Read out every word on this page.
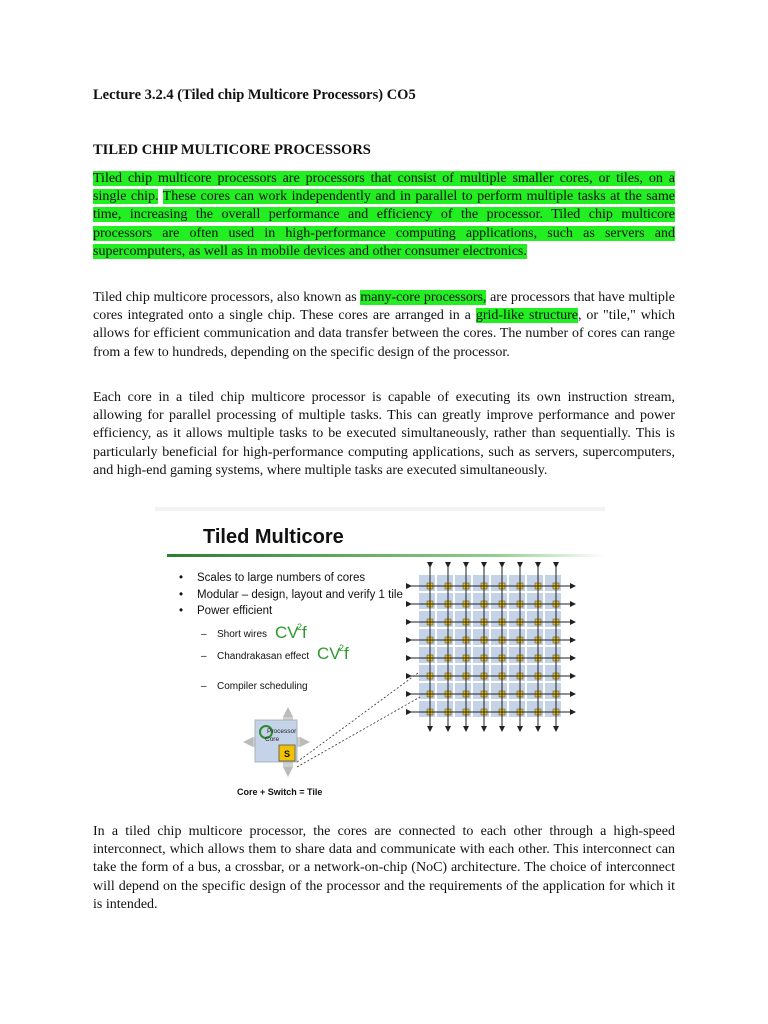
Lecture 3.2.4 (Tiled chip Multicore Processors) CO5
TILED CHIP MULTICORE PROCESSORS

Tiled chip multicore processors are processors that consist of multiple smaller cores, or tiles, on a single chip. These cores can work independently and in parallel to perform multiple tasks at the same time, increasing the overall performance and efficiency of the processor. Tiled chip multicore processors are often used in high-performance computing applications, such as servers and supercomputers, as well as in mobile devices and other consumer electronics.

Tiled chip multicore processors, also known as many-core processors, are processors that have multiple cores integrated onto a single chip. These cores are arranged in a grid-like structure, or "tile," which allows for efficient communication and data transfer between the cores. The number of cores can range from a few to hundreds, depending on the specific design of the processor.

Each core in a tiled chip multicore processor is capable of executing its own instruction stream, allowing for parallel processing of multiple tasks. This can greatly improve performance and power efficiency, as it allows multiple tasks to be executed simultaneously, rather than sequentially. This is particularly beneficial for high-performance computing applications, such as servers, supercomputers, and high-end gaming systems, where multiple tasks are executed simultaneously.

In a tiled chip multicore processor, the cores are connected to each other through a high-speed interconnect, which allows them to share data and communicate with each other. This interconnect can take the form of a bus, a crossbar, or a network-on-chip (NoC) architecture. The choice of interconnect will depend on the specific design of the processor and the requirements of the application for which it is intended.

Tiled Multicore
• Scales to large numbers of cores
• Modular – design, layout and verify 1 tile
• Power efficient
– Short wires
– Chandrakasan effect
– Compiler scheduling
CV
2 f
CV
2 f
Processor
Core
S
Core + Switch = Tile
